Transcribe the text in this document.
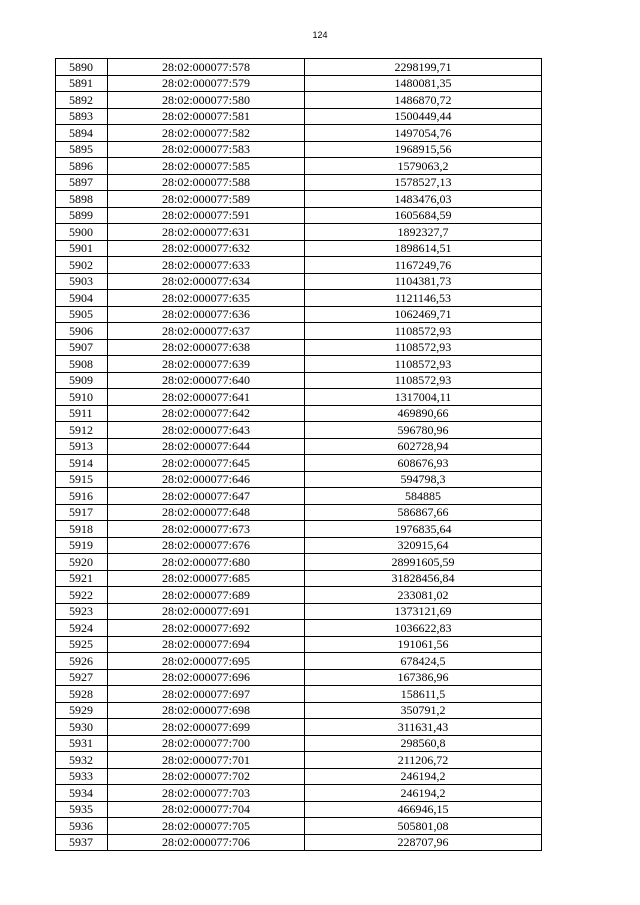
124
5890	28:02:000077:578	2298199,71
5891	28:02:000077:579	1480081,35
5892	28:02:000077:580	1486870,72
5893	28:02:000077:581	1500449,44
5894	28:02:000077:582	1497054,76
5895	28:02:000077:583	1968915,56
5896	28:02:000077:585	1579063,2
5897	28:02:000077:588	1578527,13
5898	28:02:000077:589	1483476,03
5899	28:02:000077:591	1605684,59
5900	28:02:000077:631	1892327,7
5901	28:02:000077:632	1898614,51
5902	28:02:000077:633	1167249,76
5903	28:02:000077:634	1104381,73
5904	28:02:000077:635	1121146,53
5905	28:02:000077:636	1062469,71
5906	28:02:000077:637	1108572,93
5907	28:02:000077:638	1108572,93
5908	28:02:000077:639	1108572,93
5909	28:02:000077:640	1108572,93
5910	28:02:000077:641	1317004,11
5911	28:02:000077:642	469890,66
5912	28:02:000077:643	596780,96
5913	28:02:000077:644	602728,94
5914	28:02:000077:645	608676,93
5915	28:02:000077:646	594798,3
5916	28:02:000077:647	584885
5917	28:02:000077:648	586867,66
5918	28:02:000077:673	1976835,64
5919	28:02:000077:676	320915,64
5920	28:02:000077:680	28991605,59
5921	28:02:000077:685	31828456,84
5922	28:02:000077:689	233081,02
5923	28:02:000077:691	1373121,69
5924	28:02:000077:692	1036622,83
5925	28:02:000077:694	191061,56
5926	28:02:000077:695	678424,5
5927	28:02:000077:696	167386,96
5928	28:02:000077:697	158611,5
5929	28:02:000077:698	350791,2
5930	28:02:000077:699	311631,43
5931	28:02:000077:700	298560,8
5932	28:02:000077:701	211206,72
5933	28:02:000077:702	246194,2
5934	28:02:000077:703	246194,2
5935	28:02:000077:704	466946,15
5936	28:02:000077:705	505801,08
5937	28:02:000077:706	228707,96
